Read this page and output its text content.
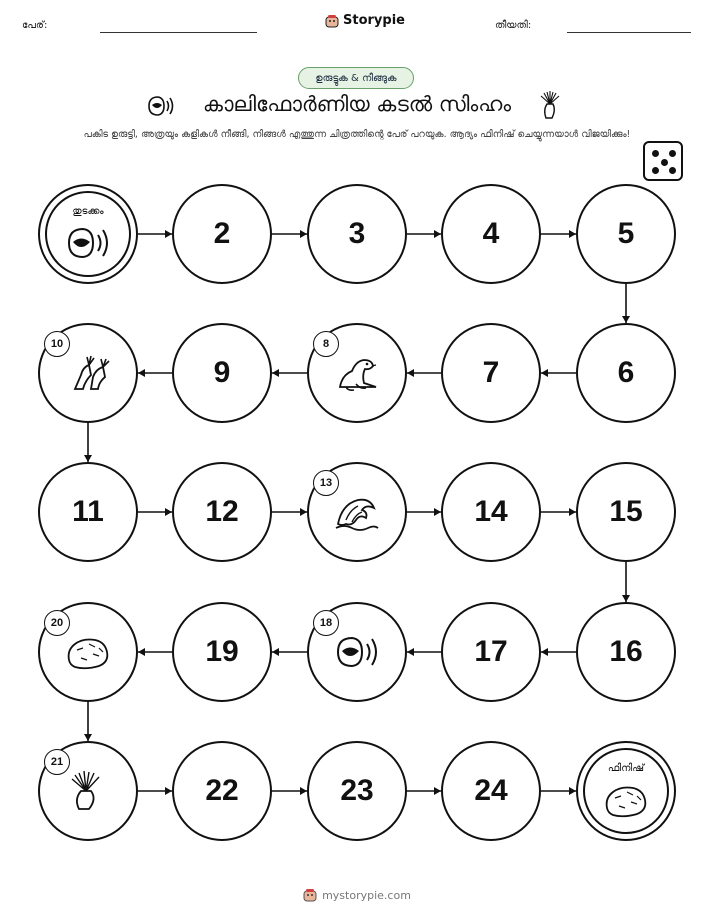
പേര്:	Storypie	തീയതി:
ഉരുട്ടുക & നീങ്ങുക
കാലിഫോർണിയ കടൽ സിംഹം
പകിട ഉരുട്ടി, അത്രയും കളികൾ നീങ്ങി, നിങ്ങൾ എത്തുന്ന ചിത്രത്തിന്റെ പേര് പറയുക. ആദ്യം ഫിനിഷ് ചെയ്യുന്നയാൾ വിജയിക്കും!
തുടക്കം
2	3	4	5
6
7
8
9
10
11	12
13
14	15
16
17
18
19
20
21
22	23	24
ഫിനിഷ്
mystorypie.com
